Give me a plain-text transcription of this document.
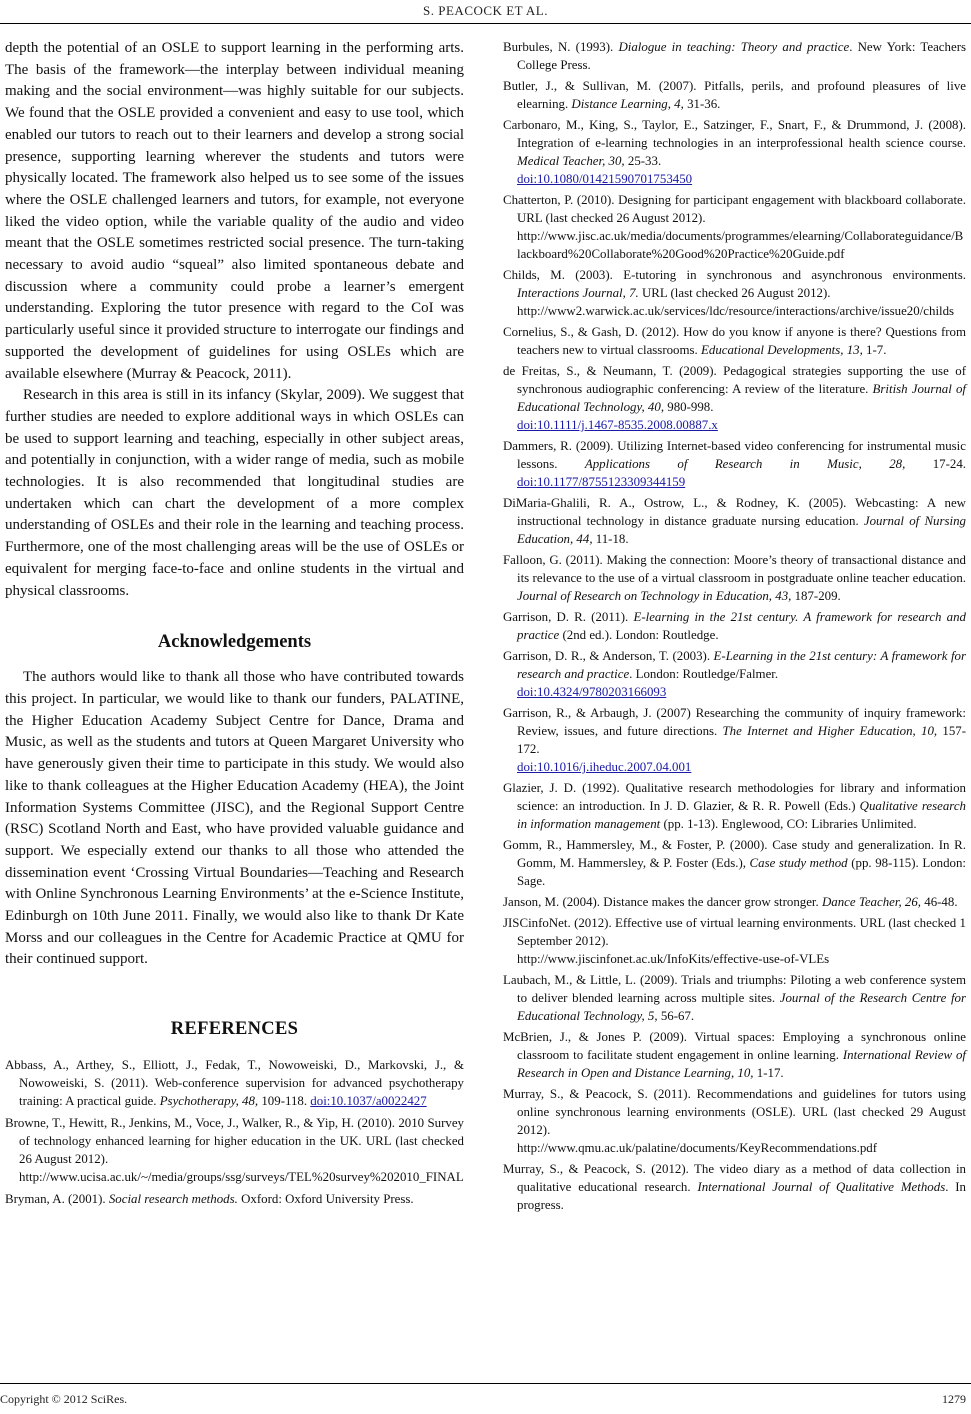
S. PEACOCK ET AL.

depth the potential of an OSLE to support learning in the performing arts. The basis of the framework—the interplay between individual meaning making and the social environment—was highly suitable for our subjects. We found that the OSLE provided a convenient and easy to use tool, which enabled our tutors to reach out to their learners and develop a strong social presence, supporting learning wherever the students and tutors were physically located. The framework also helped us to see some of the issues where the OSLE challenged learners and tutors, for example, not everyone liked the video option, while the variable quality of the audio and video meant that the OSLE sometimes restricted social presence. The turn-taking necessary to avoid audio “squeal” also limited spontaneous debate and discussion where a community could probe a learner’s emergent understanding. Exploring the tutor presence with regard to the CoI was particularly useful since it provided structure to interrogate our findings and supported the development of guidelines for using OSLEs which are available elsewhere (Murray & Peacock, 2011).

Research in this area is still in its infancy (Skylar, 2009). We suggest that further studies are needed to explore additional ways in which OSLEs can be used to support learning and teaching, especially in other subject areas, and potentially in conjunction, with a wider range of media, such as mobile technologies. It is also recommended that longitudinal studies are undertaken which can chart the development of a more complex understanding of OSLEs and their role in the learning and teaching process. Furthermore, one of the most challenging areas will be the use of OSLEs or equivalent for merging face-to-face and online students in the virtual and physical classrooms.

Acknowledgements

The authors would like to thank all those who have contributed towards this project. In particular, we would like to thank our funders, PALATINE, the Higher Education Academy Subject Centre for Dance, Drama and Music, as well as the students and tutors at Queen Margaret University who have generously given their time to participate in this study. We would also like to thank colleagues at the Higher Education Academy (HEA), the Joint Information Systems Committee (JISC), and the Regional Support Centre (RSC) Scotland North and East, who have provided valuable guidance and support. We especially extend our thanks to all those who attended the dissemination event ‘Crossing Virtual Boundaries—Teaching and Research with Online Synchronous Learning Environments’ at the e-Science Institute, Edinburgh on 10th June 2011. Finally, we would also like to thank Dr Kate Morss and our colleagues in the Centre for Academic Practice at QMU for their continued support.

REFERENCES
Abbass, A., Arthey, S., Elliott, J., Fedak, T., Nowoweiski, D., Markovski, J., & Nowoweiski, S. (2011). Web-conference supervision for advanced psychotherapy training: A practical guide. Psychotherapy, 48, 109-118. doi:10.1037/a0022427
Browne, T., Hewitt, R., Jenkins, M., Voce, J., Walker, R., & Yip, H. (2010). 2010 Survey of technology enhanced learning for higher education in the UK. URL (last checked 26 August 2012).
http://www.ucisa.ac.uk/~/media/groups/ssg/surveys/TEL%20survey%202010_FINAL
Bryman, A. (2001). Social research methods. Oxford: Oxford University Press.
Burbules, N. (1993). Dialogue in teaching: Theory and practice. New York: Teachers College Press.
Butler, J., & Sullivan, M. (2007). Pitfalls, perils, and profound pleasures of live elearning. Distance Learning, 4, 31-36.
Carbonaro, M., King, S., Taylor, E., Satzinger, F., Snart, F., & Drummond, J. (2008). Integration of e-learning technologies in an interprofessional health science course. Medical Teacher, 30, 25-33.
doi:10.1080/01421590701753450
Chatterton, P. (2010). Designing for participant engagement with blackboard collaborate. URL (last checked 26 August 2012).
http://www.jisc.ac.uk/media/documents/programmes/elearning/Collaborateguidance/Blackboard%20Collaborate%20Good%20Practice%20Guide.pdf
Childs, M. (2003). E-tutoring in synchronous and asynchronous environments. Interactions Journal, 7. URL (last checked 26 August 2012).
http://www2.warwick.ac.uk/services/ldc/resource/interactions/archive/issue20/childs
Cornelius, S., & Gash, D. (2012). How do you know if anyone is there? Questions from teachers new to virtual classrooms. Educational Developments, 13, 1-7.
de Freitas, S., & Neumann, T. (2009). Pedagogical strategies supporting the use of synchronous audiographic conferencing: A review of the literature. British Journal of Educational Technology, 40, 980-998.
doi:10.1111/j.1467-8535.2008.00887.x
Dammers, R. (2009). Utilizing Internet-based video conferencing for instrumental music lessons. Applications of Research in Music, 28, 17-24. doi:10.1177/8755123309344159
DiMaria-Ghalili, R. A., Ostrow, L., & Rodney, K. (2005). Webcasting: A new instructional technology in distance graduate nursing education. Journal of Nursing Education, 44, 11-18.
Falloon, G. (2011). Making the connection: Moore’s theory of transactional distance and its relevance to the use of a virtual classroom in postgraduate online teacher education. Journal of Research on Technology in Education, 43, 187-209.
Garrison, D. R. (2011). E-learning in the 21st century. A framework for research and practice (2nd ed.). London: Routledge.
Garrison, D. R., & Anderson, T. (2003). E-Learning in the 21st century: A framework for research and practice. London: Routledge/Falmer.
doi:10.4324/9780203166093
Garrison, R., & Arbaugh, J. (2007) Researching the community of inquiry framework: Review, issues, and future directions. The Internet and Higher Education, 10, 157-172.
doi:10.1016/j.iheduc.2007.04.001
Glazier, J. D. (1992). Qualitative research methodologies for library and information science: an introduction. In J. D. Glazier, & R. R. Powell (Eds.) Qualitative research in information management (pp. 1-13). Englewood, CO: Libraries Unlimited.
Gomm, R., Hammersley, M., & Foster, P. (2000). Case study and generalization. In R. Gomm, M. Hammersley, & P. Foster (Eds.), Case study method (pp. 98-115). London: Sage.
Janson, M. (2004). Distance makes the dancer grow stronger. Dance Teacher, 26, 46-48.
JISCinfoNet. (2012). Effective use of virtual learning environments. URL (last checked 1 September 2012).
http://www.jiscinfonet.ac.uk/InfoKits/effective-use-of-VLEs
Laubach, M., & Little, L. (2009). Trials and triumphs: Piloting a web conference system to deliver blended learning across multiple sites. Journal of the Research Centre for Educational Technology, 5, 56-67.
McBrien, J., & Jones P. (2009). Virtual spaces: Employing a synchronous online classroom to facilitate student engagement in online learning. International Review of Research in Open and Distance Learning, 10, 1-17.
Murray, S., & Peacock, S. (2011). Recommendations and guidelines for tutors using online synchronous learning environments (OSLE). URL (last checked 29 August 2012).
http://www.qmu.ac.uk/palatine/documents/KeyRecommendations.pdf
Murray, S., & Peacock, S. (2012). The video diary as a method of data collection in qualitative educational research. International Journal of Qualitative Methods. In progress.
Copyright © 2012 SciRes.	1279
